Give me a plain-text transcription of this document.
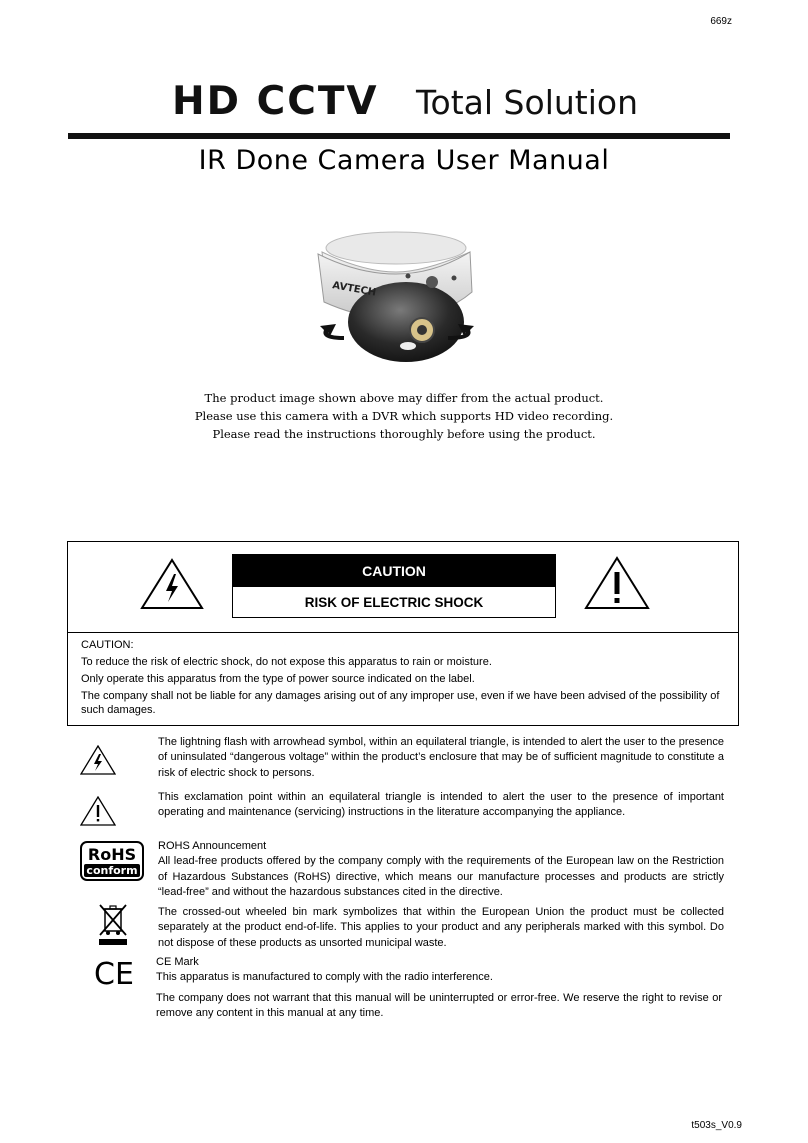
669z
HD CCTV Total Solution
IR Done Camera User Manual
AVTECH
The product image shown above may differ from the actual product.
Please use this camera with a DVR which supports HD video recording.
Please read the instructions thoroughly before using the product.
CAUTION
RISK OF ELECTRIC SHOCK

CAUTION:

To reduce the risk of electric shock, do not expose this apparatus to rain or moisture.

Only operate this apparatus from the type of power source indicated on the label.

The company shall not be liable for any damages arising out of any improper use, even if we have been advised of the possibility of such damages.

The lightning flash with arrowhead symbol, within an equilateral triangle, is intended to alert the user to the presence of uninsulated “dangerous voltage” within the product’s enclosure that may be of sufficient magnitude to constitute a risk of electric shock to persons.

This exclamation point within an equilateral triangle is intended to alert the user to the presence of important operating and maintenance (servicing) instructions in the literature accompanying the appliance.

RoHS
conform

ROHS Announcement

All lead-free products offered by the company comply with the requirements of the European law on the Restriction of Hazardous Substances (RoHS) directive, which means our manufacture processes and products are strictly “lead-free” and without the hazardous substances cited in the directive.

The crossed-out wheeled bin mark symbolizes that within the European Union the product must be collected separately at the product end-of-life. This applies to your product and any peripherals marked with this symbol. Do not dispose of these products as unsorted municipal waste.

CE CE Mark

This apparatus is manufactured to comply with the radio interference.

The company does not warrant that this manual will be uninterrupted or error-free. We reserve the right to revise or remove any content in this manual at any time.

t503s_V0.9
